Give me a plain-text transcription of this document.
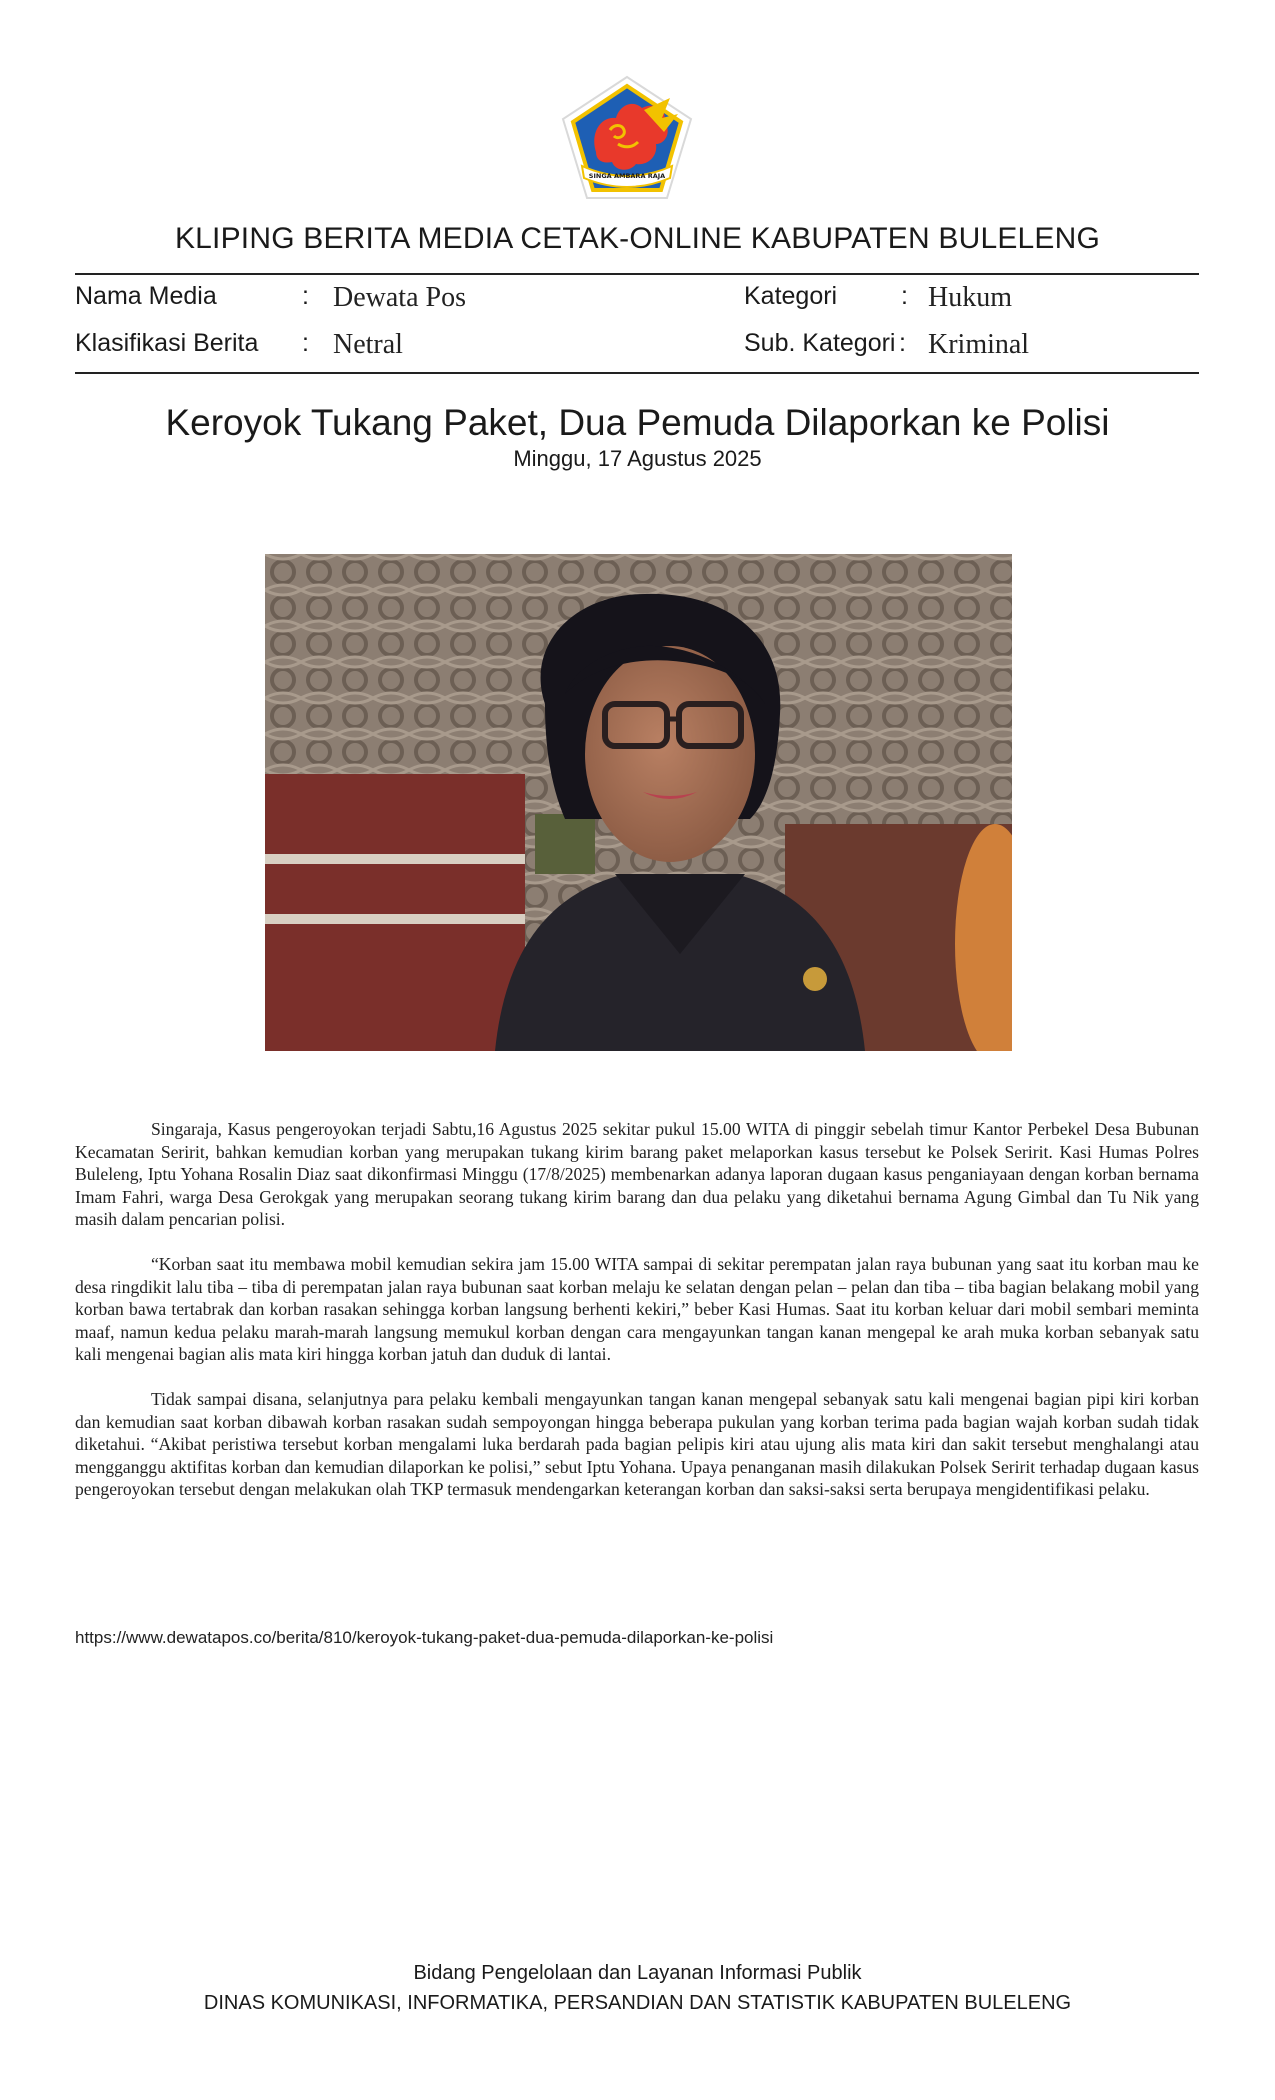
SINGA AMBARA RAJA
KLIPING BERITA MEDIA CETAK-ONLINE KABUPATEN BULELENG
Nama Media	: Dewata Pos	Kategori	: Hukum
Klasifikasi Berita : Netral	Sub. Kategori : Kriminal
Keroyok Tukang Paket, Dua Pemuda Dilaporkan ke Polisi
Minggu, 17 Agustus 2025

Singaraja, Kasus pengeroyokan terjadi Sabtu,16 Agustus 2025 sekitar pukul 15.00 WITA di pinggir sebelah timur Kantor Perbekel Desa Bubunan Kecamatan Seririt, bahkan kemudian korban yang merupakan tukang kirim barang paket melaporkan kasus tersebut ke Polsek Seririt. Kasi Humas Polres Buleleng, Iptu Yohana Rosalin Diaz saat dikonfirmasi Minggu (17/8/2025) membenarkan adanya laporan dugaan kasus penganiayaan dengan korban bernama Imam Fahri, warga Desa Gerokgak yang merupakan seorang tukang kirim barang dan dua pelaku yang diketahui bernama Agung Gimbal dan Tu Nik yang masih dalam pencarian polisi.

“Korban saat itu membawa mobil kemudian sekira jam 15.00 WITA sampai di sekitar perempatan jalan raya bubunan yang saat itu korban mau ke desa ringdikit lalu tiba – tiba di perempatan jalan raya bubunan saat korban melaju ke selatan dengan pelan – pelan dan tiba – tiba bagian belakang mobil yang korban bawa tertabrak dan korban rasakan sehingga korban langsung berhenti kekiri,” beber Kasi Humas. Saat itu korban keluar dari mobil sembari meminta maaf, namun kedua pelaku marah-marah langsung memukul korban dengan cara mengayunkan tangan kanan mengepal ke arah muka korban sebanyak satu kali mengenai bagian alis mata kiri hingga korban jatuh dan duduk di lantai.

Tidak sampai disana, selanjutnya para pelaku kembali mengayunkan tangan kanan mengepal sebanyak satu kali mengenai bagian pipi kiri korban dan kemudian saat korban dibawah korban rasakan sudah sempoyongan hingga beberapa pukulan yang korban terima pada bagian wajah korban sudah tidak diketahui. “Akibat peristiwa tersebut korban mengalami luka berdarah pada bagian pelipis kiri atau ujung alis mata kiri dan sakit tersebut menghalangi atau mengganggu aktifitas korban dan kemudian dilaporkan ke polisi,” sebut Iptu Yohana. Upaya penanganan masih dilakukan Polsek Seririt terhadap dugaan kasus pengeroyokan tersebut dengan melakukan olah TKP termasuk mendengarkan keterangan korban dan saksi-saksi serta berupaya mengidentifikasi pelaku.

https://www.dewatapos.co/berita/810/keroyok-tukang-paket-dua-pemuda-dilaporkan-ke-polisi
Bidang Pengelolaan dan Layanan Informasi Publik
DINAS KOMUNIKASI, INFORMATIKA, PERSANDIAN DAN STATISTIK KABUPATEN BULELENG
